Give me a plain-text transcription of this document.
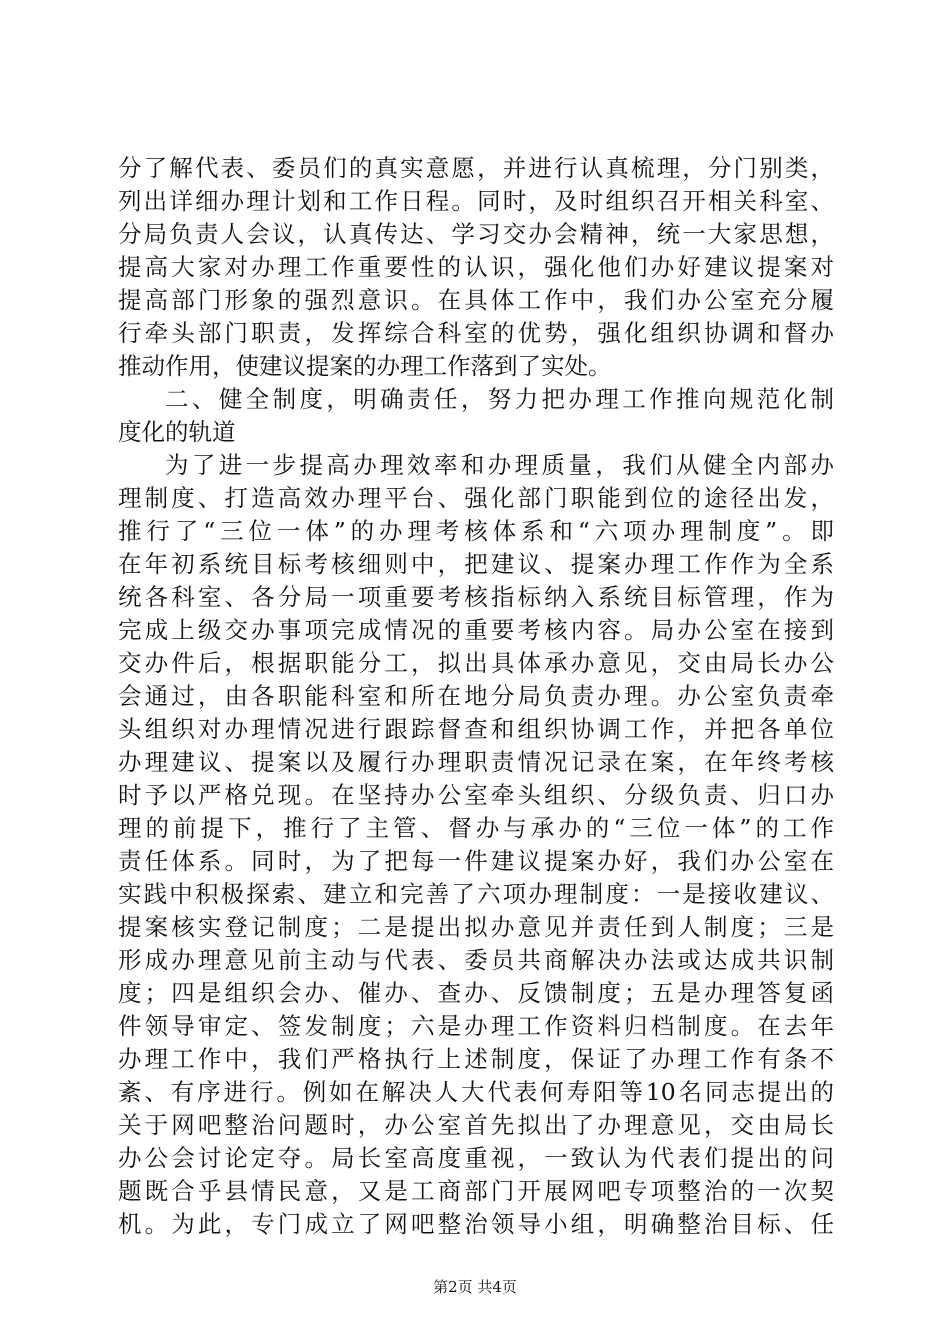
分了解代表、委员们的真实意愿，并进行认真梳理，分门别类，
列出详细办理计划和工作日程。同时，及时组织召开相关科室、
分局负责人会议，认真传达、学习交办会精神，统一大家思想，
提高大家对办理工作重要性的认识，强化他们办好建议提案对
提高部门形象的强烈意识。在具体工作中，我们办公室充分履
行牵头部门职责，发挥综合科室的优势，强化组织协调和督办
推动作用，使建议提案的办理工作落到了实处。
二、健全制度，明确责任，努力把办理工作推向规范化制
度化的轨道
为了进一步提高办理效率和办理质量，我们从健全内部办
理制度、打造高效办理平台、强化部门职能到位的途径出发，
推行了“三位一体”的办理考核体系和“六项办理制度”。即
在年初系统目标考核细则中，把建议、提案办理工作作为全系
统各科室、各分局一项重要考核指标纳入系统目标管理，作为
完成上级交办事项完成情况的重要考核内容。局办公室在接到
交办件后，根据职能分工，拟出具体承办意见，交由局长办公
会通过，由各职能科室和所在地分局负责办理。办公室负责牵
头组织对办理情况进行跟踪督查和组织协调工作，并把各单位
办理建议、提案以及履行办理职责情况记录在案，在年终考核
时予以严格兑现。在坚持办公室牵头组织、分级负责、归口办
理的前提下，推行了主管、督办与承办的“三位一体”的工作
责任体系。同时，为了把每一件建议提案办好，我们办公室在
实践中积极探索、建立和完善了六项办理制度：一是接收建议、
提案核实登记制度；二是提出拟办意见并责任到人制度；三是
形成办理意见前主动与代表、委员共商解决办法或达成共识制
度；四是组织会办、催办、查办、反馈制度；五是办理答复函
件领导审定、签发制度；六是办理工作资料归档制度。在去年
办理工作中，我们严格执行上述制度，保证了办理工作有条不
紊、有序进行。例如在解决人大代表何寿阳等10名同志提出的
关于网吧整治问题时，办公室首先拟出了办理意见，交由局长
办公会讨论定夺。局长室高度重视，一致认为代表们提出的问
题既合乎县情民意，又是工商部门开展网吧专项整治的一次契
机。为此，专门成立了网吧整治领导小组，明确整治目标、任
第2页 共4页
